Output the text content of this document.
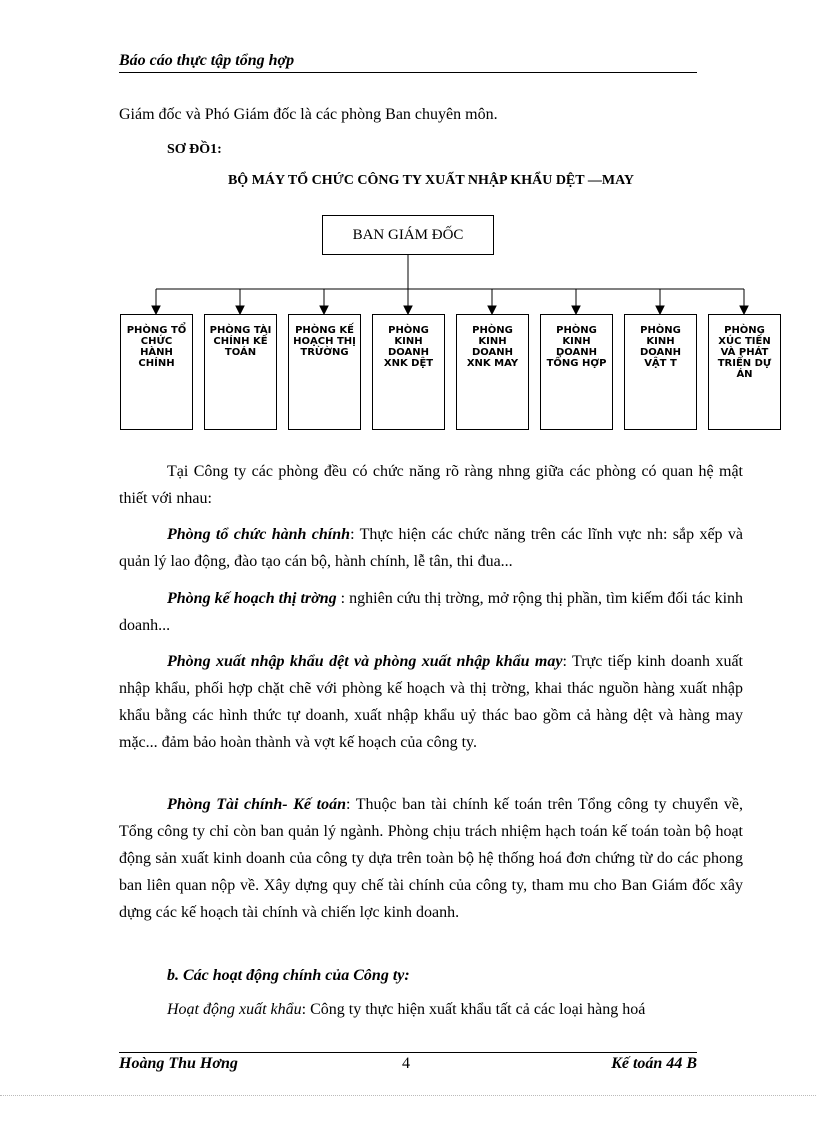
Báo cáo thực tập tổng hợp

Giám đốc và Phó Giám đốc là các phòng Ban chuyên môn.

SƠ ĐỒ1:
BỘ MÁY TỔ CHỨC CÔNG TY XUẤT NHẬP KHẨU DỆT —MAY
BAN GIÁM ĐỐC
PHÒNG TỔ CHỨC HÀNH CHÍNH
PHÒNG TÀI CHÍNH KẾ TOÁN
PHÒNG KẾ HOẠCH THỊ TRỪỜNG
PHÒNG KINH DOANH XNK DỆT
PHÒNG KINH DOANH XNK MAY
PHÒNG KINH DOANH TỔNG HỢP
PHÒNG KINH DOANH VẬT T
PHÒNG XÚC TIẾN VÀ PHÁT TRIỂN DỰ ÁN

Tại Công ty các phòng đều có chức năng rõ ràng nhng giữa các phòng có quan hệ mật thiết với nhau:

Phòng tổ chức hành chính: Thực hiện các chức năng trên các lĩnh vực nh: sắp xếp và quản lý lao động, đào tạo cán bộ, hành chính, lễ tân, thi đua...

Phòng kế hoạch thị trờng : nghiên cứu thị trờng, mở rộng thị phần, tìm kiếm đối tác kinh doanh...

Phòng xuất nhập khẩu dệt và phòng xuất nhập khẩu may: Trực tiếp kinh doanh xuất nhập khẩu, phối hợp chặt chẽ với phòng kế hoạch và thị trờng, khai thác nguồn hàng xuất nhập khẩu bằng các hình thức tự doanh, xuất nhập khẩu uỷ thác bao gồm cả hàng dệt và hàng may mặc... đảm bảo hoàn thành và vợt kế hoạch của công ty.

Phòng Tài chính- Kế toán: Thuộc ban tài chính kế toán trên Tổng công ty chuyển về, Tổng công ty chỉ còn ban quản lý ngành. Phòng chịu trách nhiệm hạch toán kế toán toàn bộ hoạt động sản xuất kinh doanh của công ty dựa trên toàn bộ hệ thống hoá đơn chứng từ do các phong ban liên quan nộp về. Xây dựng quy chế tài chính của công ty, tham mu cho Ban Giám đốc xây dựng các kế hoạch tài chính và chiến lợc kinh doanh.

b. Các hoạt động chính của Công ty:

Hoạt động xuất khẩu: Công ty thực hiện xuất khẩu tất cả các loại hàng hoá

Hoàng Thu Hơng	4	Kế toán 44 B
